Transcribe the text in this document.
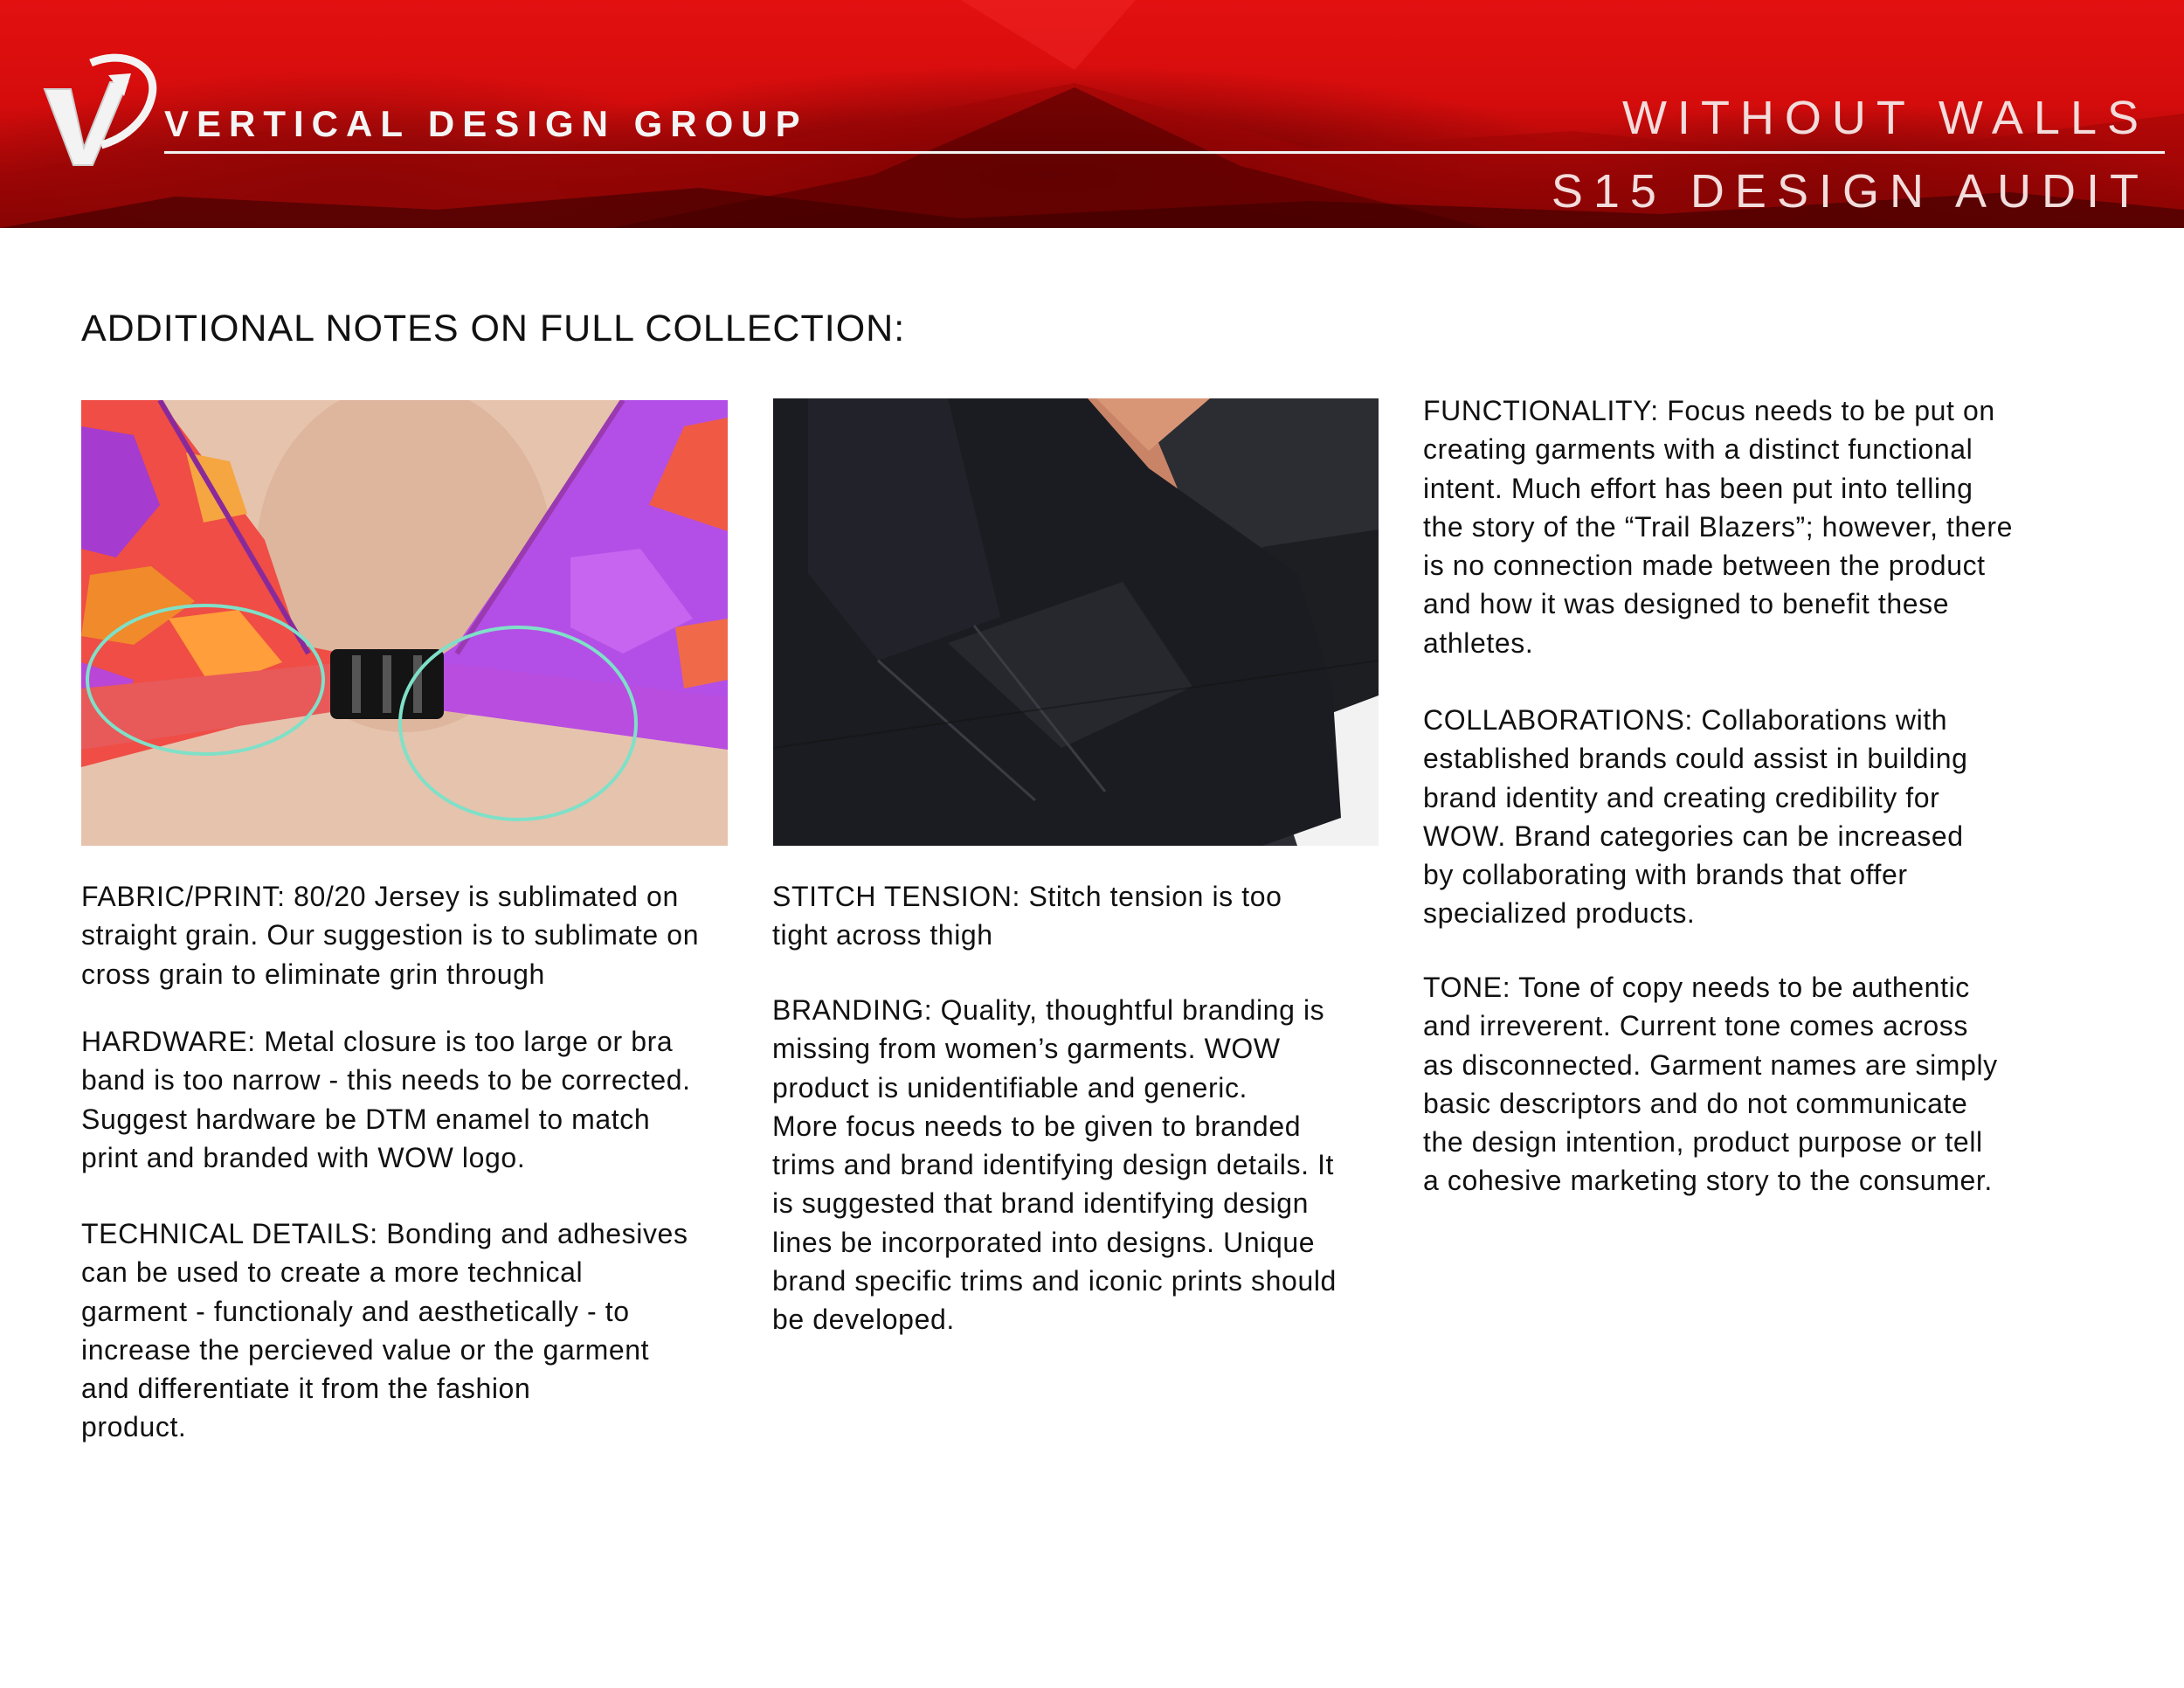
VERTICAL DESIGN GROUP	WITHOUT WALLS
S15 DESIGN AUDIT
ADDITIONAL NOTES ON FULL COLLECTION:
FABRIC/PRINT: 80/20 Jersey is sublimated on
straight grain. Our suggestion is to sublimate on
cross grain to eliminate grin through
HARDWARE: Metal closure is too large or bra
band is too narrow - this needs to be corrected.
Suggest hardware be DTM enamel to match
print and branded with WOW logo.
TECHNICAL DETAILS: Bonding and adhesives
can be used to create a more technical
garment - functionaly and aesthetically - to
increase the percieved value or the garment
and differentiate it from the fashion
product.
STITCH TENSION: Stitch tension is too
tight across thigh
BRANDING: Quality, thoughtful branding is
missing from women’s garments. WOW
product is unidentifiable and generic.
More focus needs to be given to branded
trims and brand identifying design details. It
is suggested that brand identifying design
lines be incorporated into designs. Unique
brand specific trims and iconic prints should
be developed.
FUNCTIONALITY: Focus needs to be put on
creating garments with a distinct functional
intent. Much effort has been put into telling
the story of the “Trail Blazers”; however, there
is no connection made between the product
and how it was designed to benefit these
athletes.
COLLABORATIONS: Collaborations with
established brands could assist in building
brand identity and creating credibility for
WOW. Brand categories can be increased
by collaborating with brands that offer
specialized products.
TONE: Tone of copy needs to be authentic
and irreverent. Current tone comes across
as disconnected. Garment names are simply
basic descriptors and do not communicate
the design intention, product purpose or tell
a cohesive marketing story to the consumer.
